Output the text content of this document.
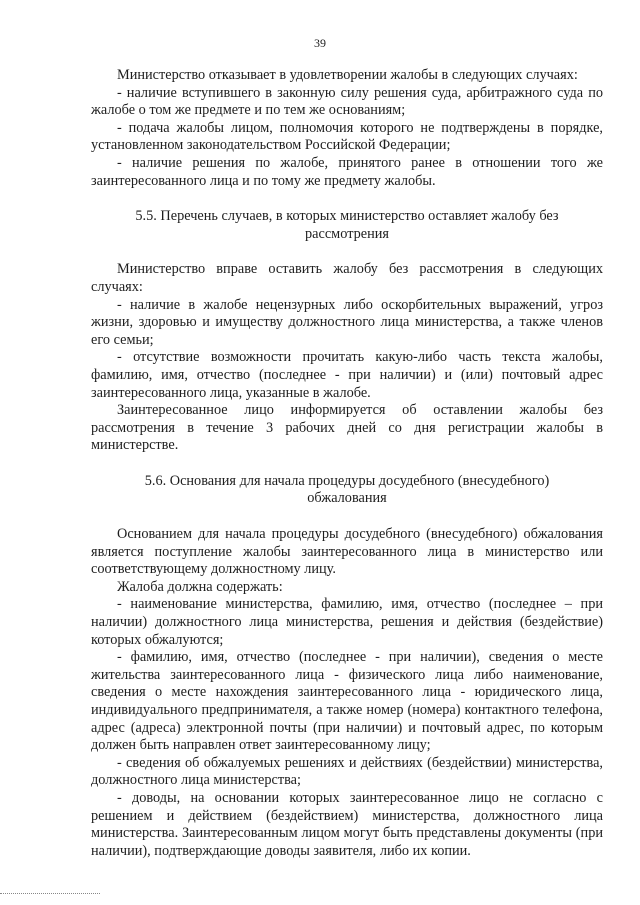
39

Министерство отказывает в удовлетворении жалобы в следующих случаях:

- наличие вступившего в законную силу решения суда, арбитражного суда по жалобе о том же предмете и по тем же основаниям;

- подача жалобы лицом, полномочия которого не подтверждены в порядке, установленном законодательством Российской Федерации;

- наличие решения по жалобе, принятого ранее в отношении того же заинтересованного лица и по тому же предмету жалобы.

5.5. Перечень случаев, в которых министерство оставляет жалобу без рассмотрения

Министерство вправе оставить жалобу без рассмотрения в следующих случаях:

- наличие в жалобе нецензурных либо оскорбительных выражений, угроз жизни, здоровью и имуществу должностного лица министерства, а также членов его семьи;

- отсутствие возможности прочитать какую-либо часть текста жалобы, фамилию, имя, отчество (последнее - при наличии) и (или) почтовый адрес заинтересованного лица, указанные в жалобе.

Заинтересованное лицо информируется об оставлении жалобы без рассмотрения в течение 3 рабочих дней со дня регистрации жалобы в министерстве.

5.6. Основания для начала процедуры досудебного (внесудебного) обжалования

Основанием для начала процедуры досудебного (внесудебного) обжалования является поступление жалобы заинтересованного лица в министерство или соответствующему должностному лицу.

Жалоба должна содержать:

- наименование министерства, фамилию, имя, отчество (последнее – при наличии) должностного лица министерства, решения и действия (бездействие) которых обжалуются;

- фамилию, имя, отчество (последнее - при наличии), сведения о месте жительства заинтересованного лица - физического лица либо наименование, сведения о месте нахождения заинтересованного лица - юридического лица, индивидуального предпринимателя, а также номер (номера) контактного телефона, адрес (адреса) электронной почты (при наличии) и почтовый адрес, по которым должен быть направлен ответ заинтересованному лицу;

- сведения об обжалуемых решениях и действиях (бездействии) министерства, должностного лица министерства;

- доводы, на основании которых заинтересованное лицо не согласно с решением и действием (бездействием) министерства, должностного лица министерства. Заинтересованным лицом могут быть представлены документы (при наличии), подтверждающие доводы заявителя, либо их копии.
